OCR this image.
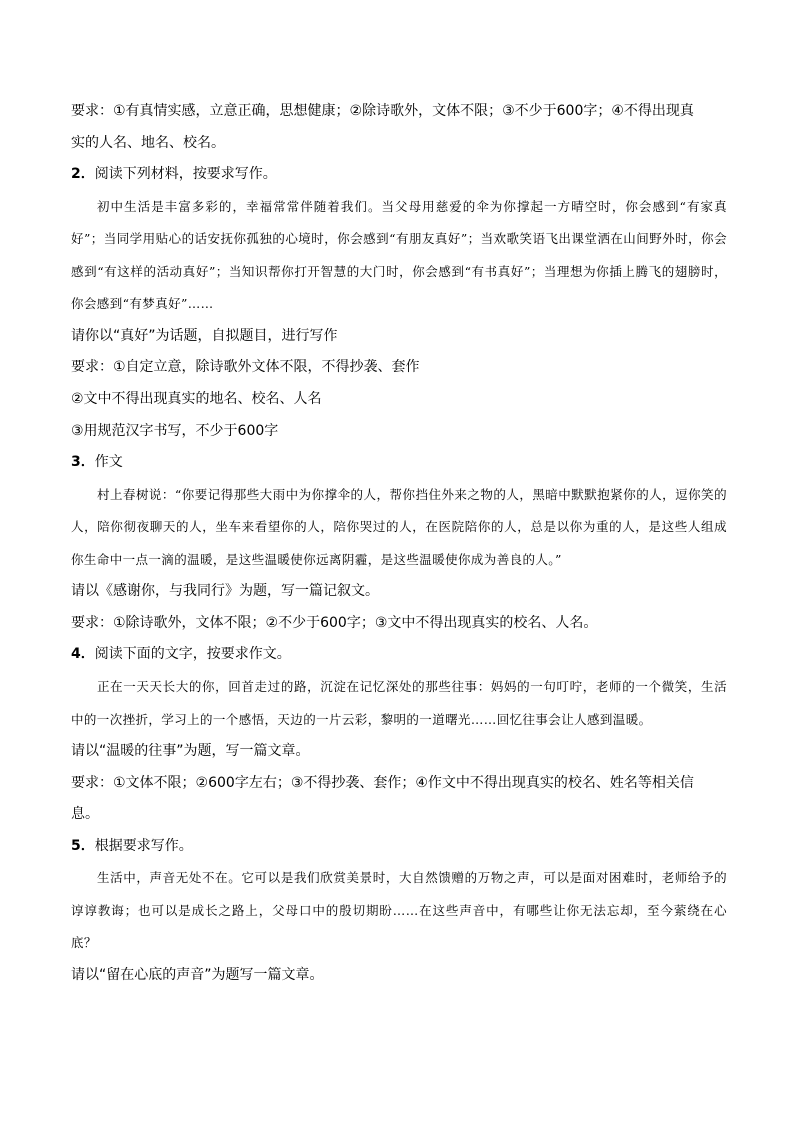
要求：①有真情实感，立意正确，思想健康；②除诗歌外，文体不限；③不少于600字；④不得出现真
实的人名、地名、校名。
2．阅读下列材料，按要求写作。

初中生活是丰富多彩的，幸福常常伴随着我们。当父母用慈爱的伞为你撑起一方晴空时，你会感到“有家真好”；当同学用贴心的话安抚你孤独的心境时，你会感到“有朋友真好”；当欢歌笑语飞出课堂洒在山间野外时，你会感到“有这样的活动真好”；当知识帮你打开智慧的大门时，你会感到“有书真好”；当理想为你插上腾飞的翅膀时，你会感到“有梦真好”……

请你以“真好”为话题，自拟题目，进行写作
要求：①自定立意，除诗歌外文体不限，不得抄袭、套作
②文中不得出现真实的地名、校名、人名
③用规范汉字书写，不少于600字
3．作文

村上春树说：“你要记得那些大雨中为你撑伞的人，帮你挡住外来之物的人，黑暗中默默抱紧你的人，逗你笑的人，陪你彻夜聊天的人，坐车来看望你的人，陪你哭过的人，在医院陪你的人，总是以你为重的人，是这些人组成你生命中一点一滴的温暖，是这些温暖使你远离阴霾，是这些温暖使你成为善良的人。”

请以《感谢你，与我同行》为题，写一篇记叙文。
要求：①除诗歌外，文体不限；②不少于600字；③文中不得出现真实的校名、人名。
4．阅读下面的文字，按要求作文。

正在一天天长大的你，回首走过的路，沉淀在记忆深处的那些往事：妈妈的一句叮咛，老师的一个微笑，生活中的一次挫折，学习上的一个感悟，天边的一片云彩，黎明的一道曙光……回忆往事会让人感到温暖。

请以“温暖的往事”为题，写一篇文章。
要求：①文体不限；②600字左右；③不得抄袭、套作；④作文中不得出现真实的校名、姓名等相关信
息。
5．根据要求写作。

生活中，声音无处不在。它可以是我们欣赏美景时，大自然馈赠的万物之声，可以是面对困难时，老师给予的谆谆教诲；也可以是成长之路上，父母口中的殷切期盼……在这些声音中，有哪些让你无法忘却，至今萦绕在心底？

请以“留在心底的声音”为题写一篇文章。
